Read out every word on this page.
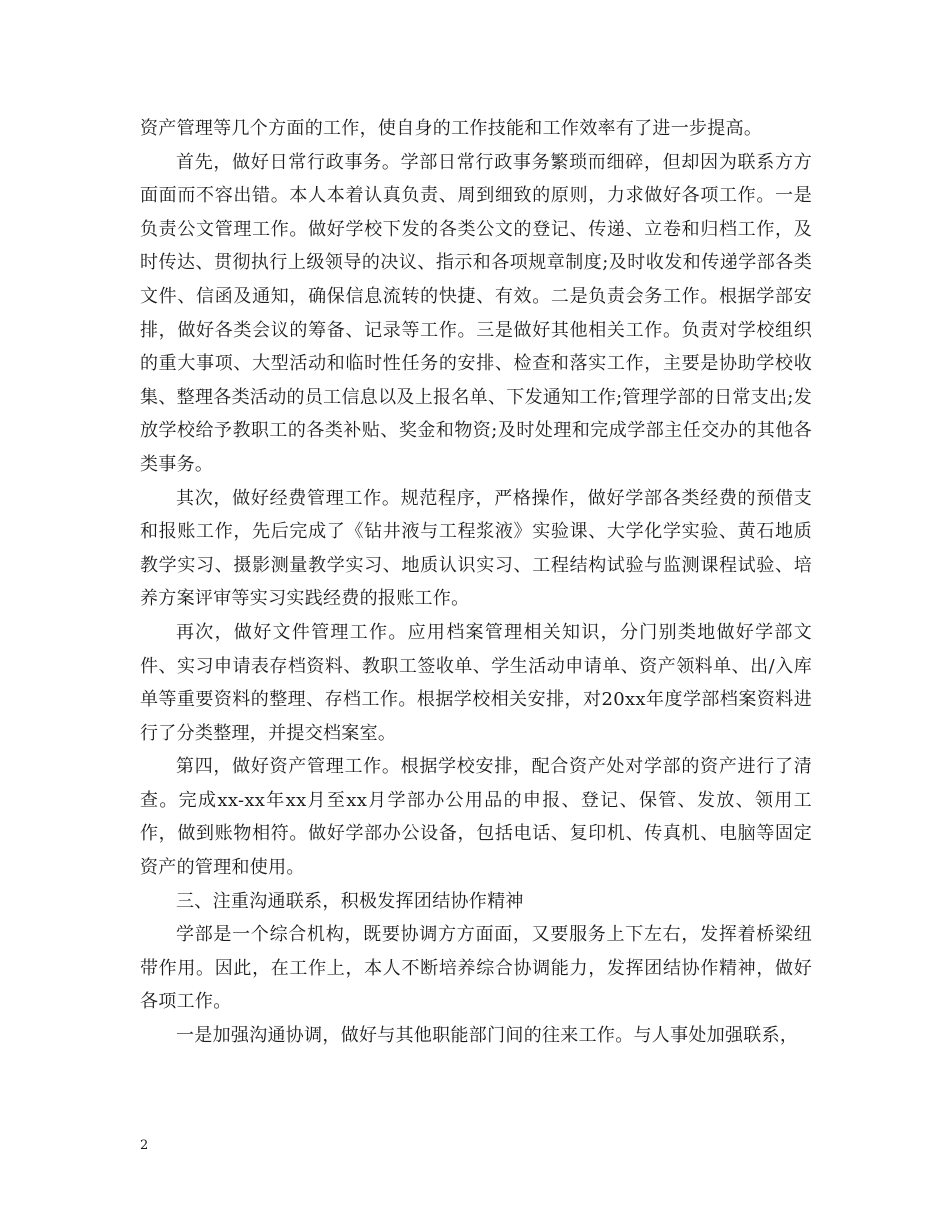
资产管理等几个方面的工作，使自身的工作技能和工作效率有了进一步提高。

首先，做好日常行政事务。学部日常行政事务繁琐而细碎，但却因为联系方方面面而不容出错。本人本着认真负责、周到细致的原则，力求做好各项工作。一是负责公文管理工作。做好学校下发的各类公文的登记、传递、立卷和归档工作，及时传达、贯彻执行上级领导的决议、指示和各项规章制度;及时收发和传递学部各类文件、信函及通知，确保信息流转的快捷、有效。二是负责会务工作。根据学部安排，做好各类会议的筹备、记录等工作。三是做好其他相关工作。负责对学校组织的重大事项、大型活动和临时性任务的安排、检查和落实工作，主要是协助学校收集、整理各类活动的员工信息以及上报名单、下发通知工作;管理学部的日常支出;发放学校给予教职工的各类补贴、奖金和物资;及时处理和完成学部主任交办的其他各类事务。

其次，做好经费管理工作。规范程序，严格操作，做好学部各类经费的预借支和报账工作，先后完成了《钻井液与工程浆液》实验课、大学化学实验、黄石地质教学实习、摄影测量教学实习、地质认识实习、工程结构试验与监测课程试验、培养方案评审等实习实践经费的报账工作。

再次，做好文件管理工作。应用档案管理相关知识，分门别类地做好学部文件、实习申请表存档资料、教职工签收单、学生活动申请单、资产领料单、出/入库单等重要资料的整理、存档工作。根据学校相关安排，对20xx年度学部档案资料进行了分类整理，并提交档案室。

第四，做好资产管理工作。根据学校安排，配合资产处对学部的资产进行了清查。完成xx-xx年xx月至xx月学部办公用品的申报、登记、保管、发放、领用工作，做到账物相符。做好学部办公设备，包括电话、复印机、传真机、电脑等固定资产的管理和使用。

三、注重沟通联系，积极发挥团结协作精神

学部是一个综合机构，既要协调方方面面，又要服务上下左右，发挥着桥梁纽带作用。因此，在工作上，本人不断培养综合协调能力，发挥团结协作精神，做好各项工作。

一是加强沟通协调，做好与其他职能部门间的往来工作。与人事处加强联系，

2
